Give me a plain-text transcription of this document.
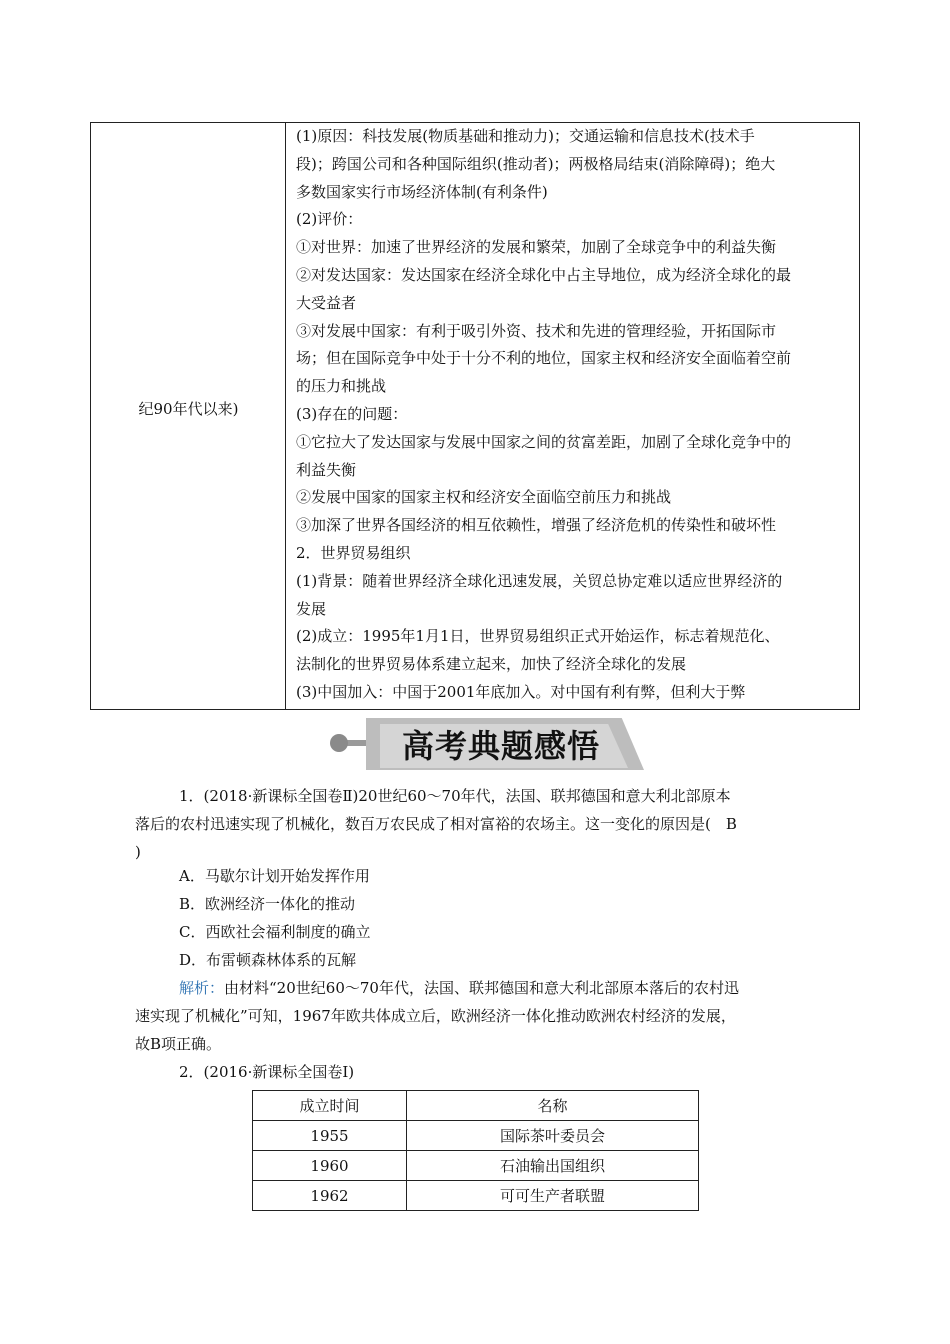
纪90年代以来)
(1)原因：科技发展(物质基础和推动力)；交通运输和信息技术(技术手
段)；跨国公司和各种国际组织(推动者)；两极格局结束(消除障碍)；绝大
多数国家实行市场经济体制(有利条件)
(2)评价：
①对世界：加速了世界经济的发展和繁荣，加剧了全球竞争中的利益失衡
②对发达国家：发达国家在经济全球化中占主导地位，成为经济全球化的最
大受益者
③对发展中国家：有利于吸引外资、技术和先进的管理经验，开拓国际市
场；但在国际竞争中处于十分不利的地位，国家主权和经济安全面临着空前
的压力和挑战
(3)存在的问题：
①它拉大了发达国家与发展中国家之间的贫富差距，加剧了全球化竞争中的
利益失衡
②发展中国家的国家主权和经济安全面临空前压力和挑战
③加深了世界各国经济的相互依赖性，增强了经济危机的传染性和破坏性
2．世界贸易组织
(1)背景：随着世界经济全球化迅速发展，关贸总协定难以适应世界经济的
发展
(2)成立：1995年1月1日，世界贸易组织正式开始运作，标志着规范化、
法制化的世界贸易体系建立起来，加快了经济全球化的发展
(3)中国加入：中国于2001年底加入。对中国有利有弊，但利大于弊
高考典题感悟
1．(2018·新课标全国卷Ⅱ)20世纪60～70年代，法国、联邦德国和意大利北部原本
落后的农村迅速实现了机械化，数百万农民成了相对富裕的农场主。这一变化的原因是(　B
)
A．马歇尔计划开始发挥作用
B．欧洲经济一体化的推动
C．西欧社会福利制度的确立
D．布雷顿森林体系的瓦解
解析：由材料“20世纪60～70年代，法国、联邦德国和意大利北部原本落后的农村迅
速实现了机械化”可知，1967年欧共体成立后，欧洲经济一体化推动欧洲农村经济的发展，
故B项正确。
2．(2016·新课标全国卷Ⅰ)
成立时间	名称
1955	国际茶叶委员会
1960	石油输出国组织
1962	可可生产者联盟
